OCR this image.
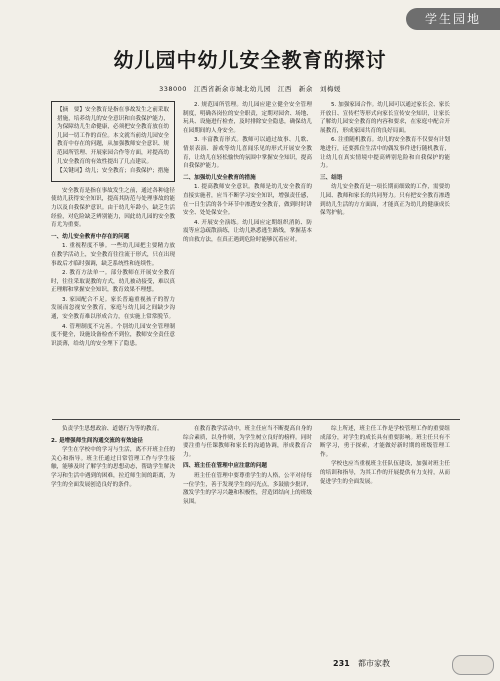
学生园地
幼儿园中幼儿安全教育的探讨
338000　江西省新余市城北幼儿园　江西　新余　刘梅媛

【摘　要】安全教育是指在事故发生之前采取措施，培养幼儿的安全意识和自我保护能力，为保障幼儿生命健康，必须把安全教育放在幼儿园一切工作的首位。本文就当前幼儿园安全教育中存在的问题，从加强教师安全意识、规范园所管理、开展家园合作等方面，对提高幼儿安全教育的有效性提出了几点建议。

【关键词】幼儿；安全教育；自我保护；措施

安全教育是指在事故发生之前，通过各种途径使幼儿获得安全知识，提高其防范与处理事故的能力以及自我保护意识。由于幼儿年龄小，缺乏生活经验，对危险缺乏辨别能力，因此幼儿园的安全教育尤为重要。

一、幼儿安全教育中存在的问题

1. 重视程度不够。一些幼儿园把主要精力放在教学活动上，安全教育往往流于形式，只在出现事故后才临时强调，缺乏系统性和连续性。

2. 教育方法单一。部分教师在开展安全教育时，往往采取说教的方式，幼儿被动接受，难以真正理解和掌握安全知识，教育效果不理想。

3. 家园配合不足。家长普遍重视孩子的智力发展而忽视安全教育，家庭与幼儿园之间缺少沟通，安全教育难以形成合力，在实施上常常脱节。

4. 管理制度不完善。个别幼儿园安全管理制度不健全，设施设备检查不到位，教师安全责任意识淡薄，给幼儿的安全埋下了隐患。

2. 规范园所管理。幼儿园应建立健全安全管理制度，明确各岗位的安全职责，定期对园舍、场地、玩具、设施进行检查，及时排除安全隐患，确保幼儿在园期间的人身安全。

3. 丰富教育形式。教师可以通过故事、儿歌、情景表演、游戏等幼儿喜闻乐见的形式开展安全教育，让幼儿在轻松愉快的氛围中掌握安全知识，提高自我保护能力。

二、加强幼儿安全教育的措施

1. 提高教师安全意识。教师是幼儿安全教育的直接实施者，应当不断学习安全知识，增强责任感，在一日生活的各个环节中渗透安全教育，做到时时讲安全、处处保安全。

4. 开展安全演练。幼儿园应定期组织消防、防震等应急疏散演练，让幼儿熟悉逃生路线，掌握基本的自救方法，在真正遇到危险时能够沉着应对。

5. 加强家园合作。幼儿园可以通过家长会、家长开放日、宣传栏等形式向家长宣传安全知识，让家长了解幼儿园安全教育的内容和要求，在家庭中配合开展教育，形成家园共育的良好局面。

6. 注重随机教育。幼儿的安全教育不仅要有计划地进行，还要抓住生活中的偶发事件进行随机教育，让幼儿在真实情境中提高辨别危险和自我保护的能力。

三、结语

幼儿安全教育是一项长期而细致的工作，需要幼儿园、教师和家长的共同努力。只有把安全教育渗透到幼儿生活的方方面面，才能真正为幼儿的健康成长保驾护航。

负责学生思想政治、道德行为等的教育。

2. 是增强师生间沟通交流的有效途径

学生在学校中的学习与生活，离不开班主任的关心和指导。班主任通过日常管理工作与学生接触，能够及时了解学生的思想动态，帮助学生解决学习和生活中遇到的困难，拉近师生间的距离，为学生的全面发展创造良好的条件。

在教育教学活动中，班主任应当不断提高自身的综合素质，以身作则，为学生树立良好的榜样。同时要注重与任课教师和家长的沟通协调，形成教育合力。

四、班主任在管理中应注意的问题

班主任在管理中要尊重学生的人格，公平对待每一位学生，善于发现学生的闪光点，多鼓励少批评，激发学生的学习兴趣和积极性，营造团结向上的班级氛围。

综上所述，班主任工作是学校管理工作的重要组成部分，对学生的成长具有重要影响。班主任只有不断学习，勇于探索，才能做好新时期的班级管理工作。

学校也应当重视班主任队伍建设，加强对班主任的培训和指导，为其工作的开展提供有力支持，从而促进学生的全面发展。

231 都市家教
